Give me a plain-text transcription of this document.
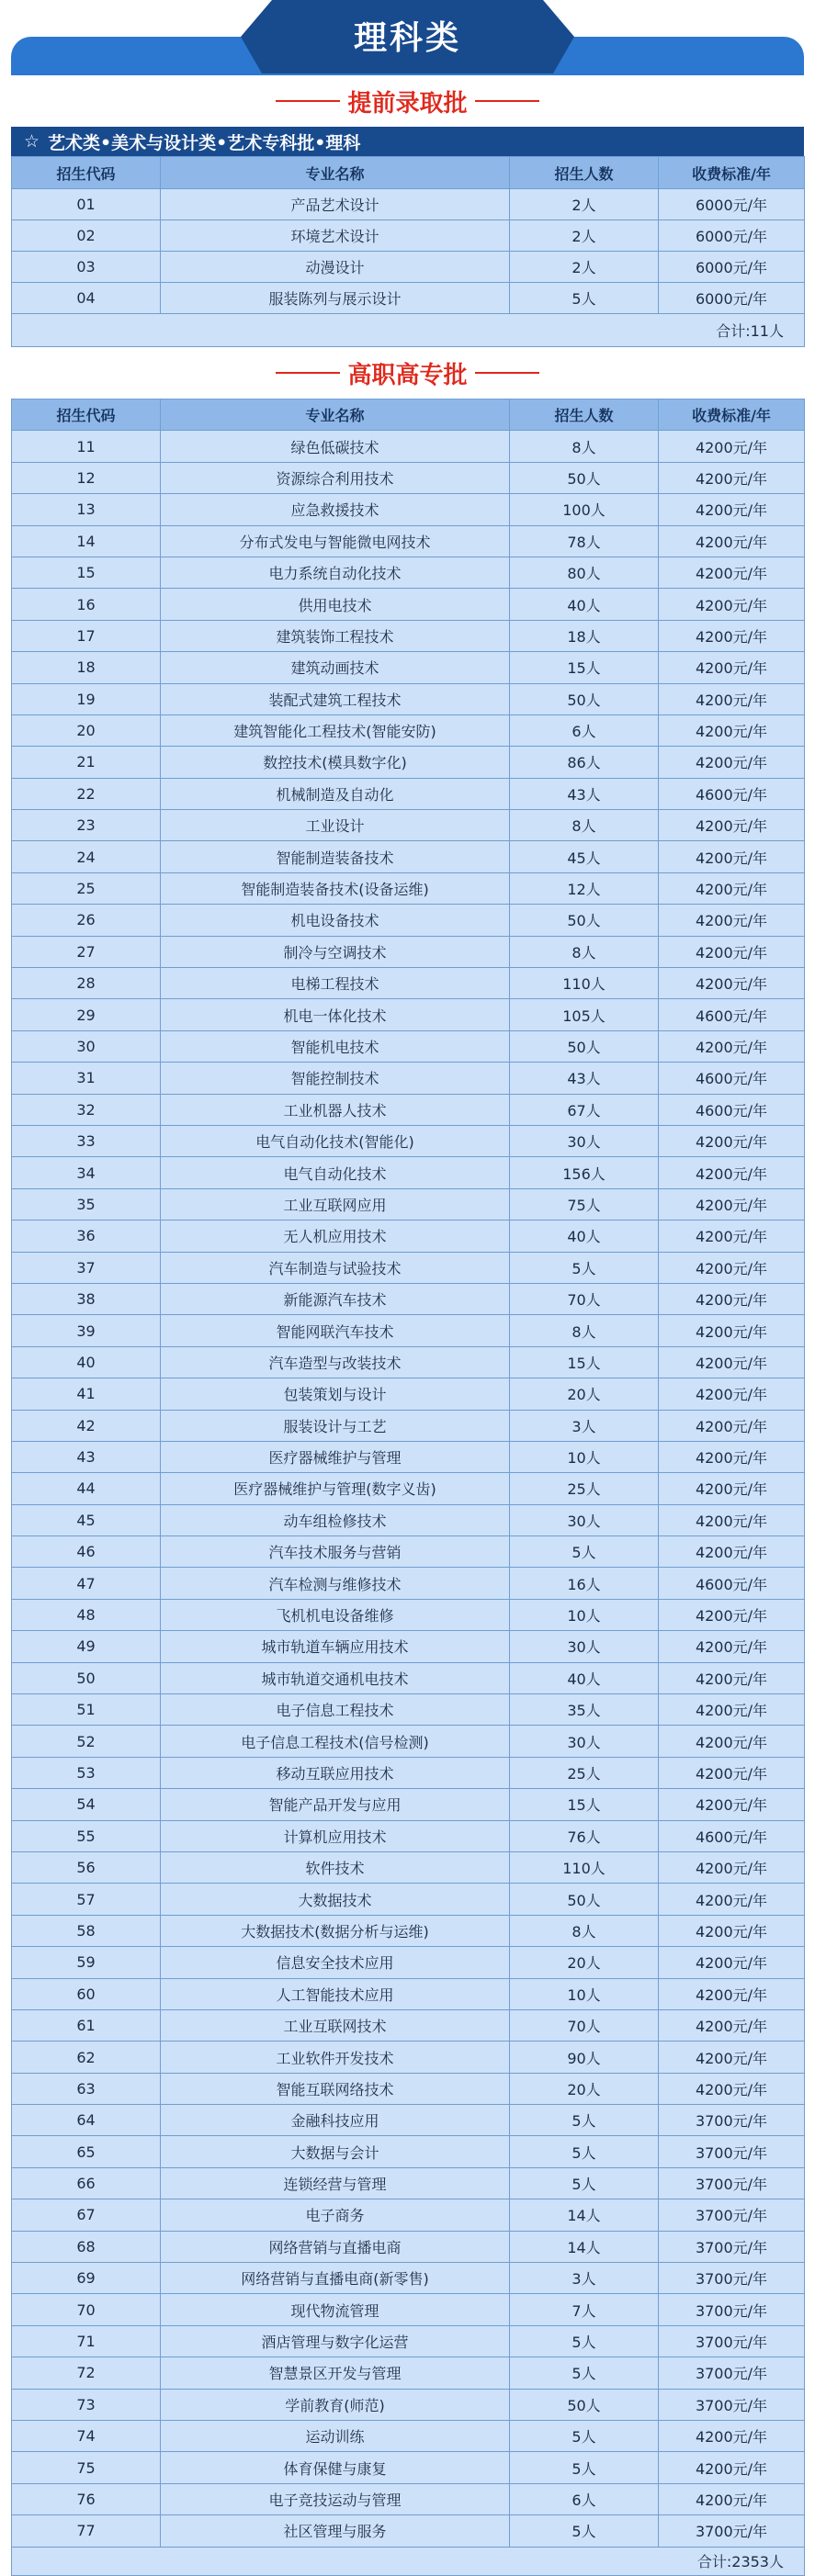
理科类
提前录取批
☆ 艺术类•美术与设计类•艺术专科批•理科
招生代码	专业名称	招生人数	收费标准/年
01	产品艺术设计	2人	6000元/年
02	环境艺术设计	2人	6000元/年
03	动漫设计	2人	6000元/年
04	服装陈列与展示设计	5人	6000元/年
合计:11人			
高职高专批
招生代码	专业名称	招生人数	收费标准/年
11	绿色低碳技术	8人	4200元/年
12	资源综合利用技术	50人	4200元/年
13	应急救援技术	100人	4200元/年
14	分布式发电与智能微电网技术	78人	4200元/年
15	电力系统自动化技术	80人	4200元/年
16	供用电技术	40人	4200元/年
17	建筑装饰工程技术	18人	4200元/年
18	建筑动画技术	15人	4200元/年
19	装配式建筑工程技术	50人	4200元/年
20	建筑智能化工程技术(智能安防)	6人	4200元/年
21	数控技术(模具数字化)	86人	4200元/年
22	机械制造及自动化	43人	4600元/年
23	工业设计	8人	4200元/年
24	智能制造装备技术	45人	4200元/年
25	智能制造装备技术(设备运维)	12人	4200元/年
26	机电设备技术	50人	4200元/年
27	制冷与空调技术	8人	4200元/年
28	电梯工程技术	110人	4200元/年
29	机电一体化技术	105人	4600元/年
30	智能机电技术	50人	4200元/年
31	智能控制技术	43人	4600元/年
32	工业机器人技术	67人	4600元/年
33	电气自动化技术(智能化)	30人	4200元/年
34	电气自动化技术	156人	4200元/年
35	工业互联网应用	75人	4200元/年
36	无人机应用技术	40人	4200元/年
37	汽车制造与试验技术	5人	4200元/年
38	新能源汽车技术	70人	4200元/年
39	智能网联汽车技术	8人	4200元/年
40	汽车造型与改装技术	15人	4200元/年
41	包装策划与设计	20人	4200元/年
42	服装设计与工艺	3人	4200元/年
43	医疗器械维护与管理	10人	4200元/年
44	医疗器械维护与管理(数字义齿)	25人	4200元/年
45	动车组检修技术	30人	4200元/年
46	汽车技术服务与营销	5人	4200元/年
47	汽车检测与维修技术	16人	4600元/年
48	飞机机电设备维修	10人	4200元/年
49	城市轨道车辆应用技术	30人	4200元/年
50	城市轨道交通机电技术	40人	4200元/年
51	电子信息工程技术	35人	4200元/年
52	电子信息工程技术(信号检测)	30人	4200元/年
53	移动互联应用技术	25人	4200元/年
54	智能产品开发与应用	15人	4200元/年
55	计算机应用技术	76人	4600元/年
56	软件技术	110人	4200元/年
57	大数据技术	50人	4200元/年
58	大数据技术(数据分析与运维)	8人	4200元/年
59	信息安全技术应用	20人	4200元/年
60	人工智能技术应用	10人	4200元/年
61	工业互联网技术	70人	4200元/年
62	工业软件开发技术	90人	4200元/年
63	智能互联网络技术	20人	4200元/年
64	金融科技应用	5人	3700元/年
65	大数据与会计	5人	3700元/年
66	连锁经营与管理	5人	3700元/年
67	电子商务	14人	3700元/年
68	网络营销与直播电商	14人	3700元/年
69	网络营销与直播电商(新零售)	3人	3700元/年
70	现代物流管理	7人	3700元/年
71	酒店管理与数字化运营	5人	3700元/年
72	智慧景区开发与管理	5人	3700元/年
73	学前教育(师范)	50人	3700元/年
74	运动训练	5人	4200元/年
75	体育保健与康复	5人	4200元/年
76	电子竞技运动与管理	6人	4200元/年
77	社区管理与服务	5人	3700元/年
合计:2353人			
